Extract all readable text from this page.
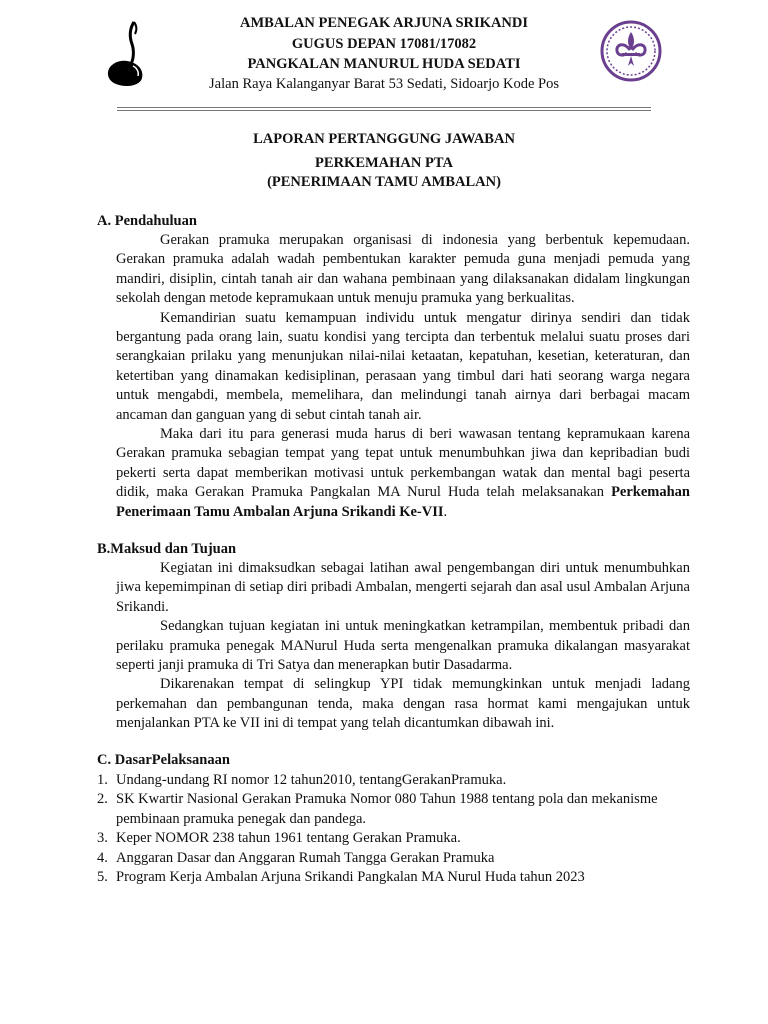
AMBALAN PENEGAK ARJUNA SRIKANDI
GUGUS DEPAN 17081/17082
PANGKALAN MANURUL HUDA SEDATI
Jalan Raya Kalanganyar Barat 53 Sedati, Sidoarjo Kode Pos
LAPORAN PERTANGGUNG JAWABAN
PERKEMAHAN PTA
(PENERIMAAN TAMU AMBALAN)
A. Pendahuluan

Gerakan pramuka merupakan organisasi di indonesia yang berbentuk kepemudaan. Gerakan pramuka adalah wadah pembentukan karakter pemuda guna menjadi pemuda yang mandiri, disiplin, cintah tanah air dan wahana pembinaan yang dilaksanakan didalam lingkungan sekolah dengan metode kepramukaan untuk menuju pramuka yang berkualitas.

Kemandirian suatu kemampuan individu untuk mengatur dirinya sendiri dan tidak bergantung pada orang lain, suatu kondisi yang tercipta dan terbentuk melalui suatu proses dari serangkaian prilaku yang menunjukan nilai-nilai ketaatan, kepatuhan, kesetian, keteraturan, dan ketertiban yang dinamakan kedisiplinan, perasaan yang timbul dari hati seorang warga negara untuk mengabdi, membela, memelihara, dan melindungi tanah airnya dari berbagai macam ancaman dan ganguan yang di sebut cintah tanah air.

Maka dari itu para generasi muda harus di beri wawasan tentang kepramukaan karena Gerakan pramuka sebagian tempat yang tepat untuk menumbuhkan jiwa dan kepribadian budi pekerti serta dapat memberikan motivasi untuk perkembangan watak dan mental bagi peserta didik, maka Gerakan Pramuka Pangkalan MA Nurul Huda telah melaksanakan Perkemahan Penerimaan Tamu Ambalan Arjuna Srikandi Ke-VII.

B.Maksud dan Tujuan

Kegiatan ini dimaksudkan sebagai latihan awal pengembangan diri untuk menumbuhkan jiwa kepemimpinan di setiap diri pribadi Ambalan, mengerti sejarah dan asal usul Ambalan Arjuna Srikandi.

Sedangkan tujuan kegiatan ini untuk meningkatkan ketrampilan, membentuk pribadi dan perilaku pramuka penegak MANurul Huda serta mengenalkan pramuka dikalangan masyarakat seperti janji pramuka di Tri Satya dan menerapkan butir Dasadarma.

Dikarenakan tempat di selingkup YPI tidak memungkinkan untuk menjadi ladang perkemahan dan pembangunan tenda, maka dengan rasa hormat kami mengajukan untuk menjalankan PTA ke VII ini di tempat yang telah dicantumkan dibawah ini.

C. DasarPelaksanaan
1. Undang-undang RI nomor 12 tahun2010, tentangGerakanPramuka.
2. SK Kwartir Nasional Gerakan Pramuka Nomor 080 Tahun 1988 tentang pola dan mekanisme pembinaan pramuka penegak dan pandega.
3. Keper NOMOR 238 tahun 1961 tentang Gerakan Pramuka.
4. Anggaran Dasar dan Anggaran Rumah Tangga Gerakan Pramuka
5. Program Kerja Ambalan Arjuna Srikandi Pangkalan MA Nurul Huda tahun 2023
